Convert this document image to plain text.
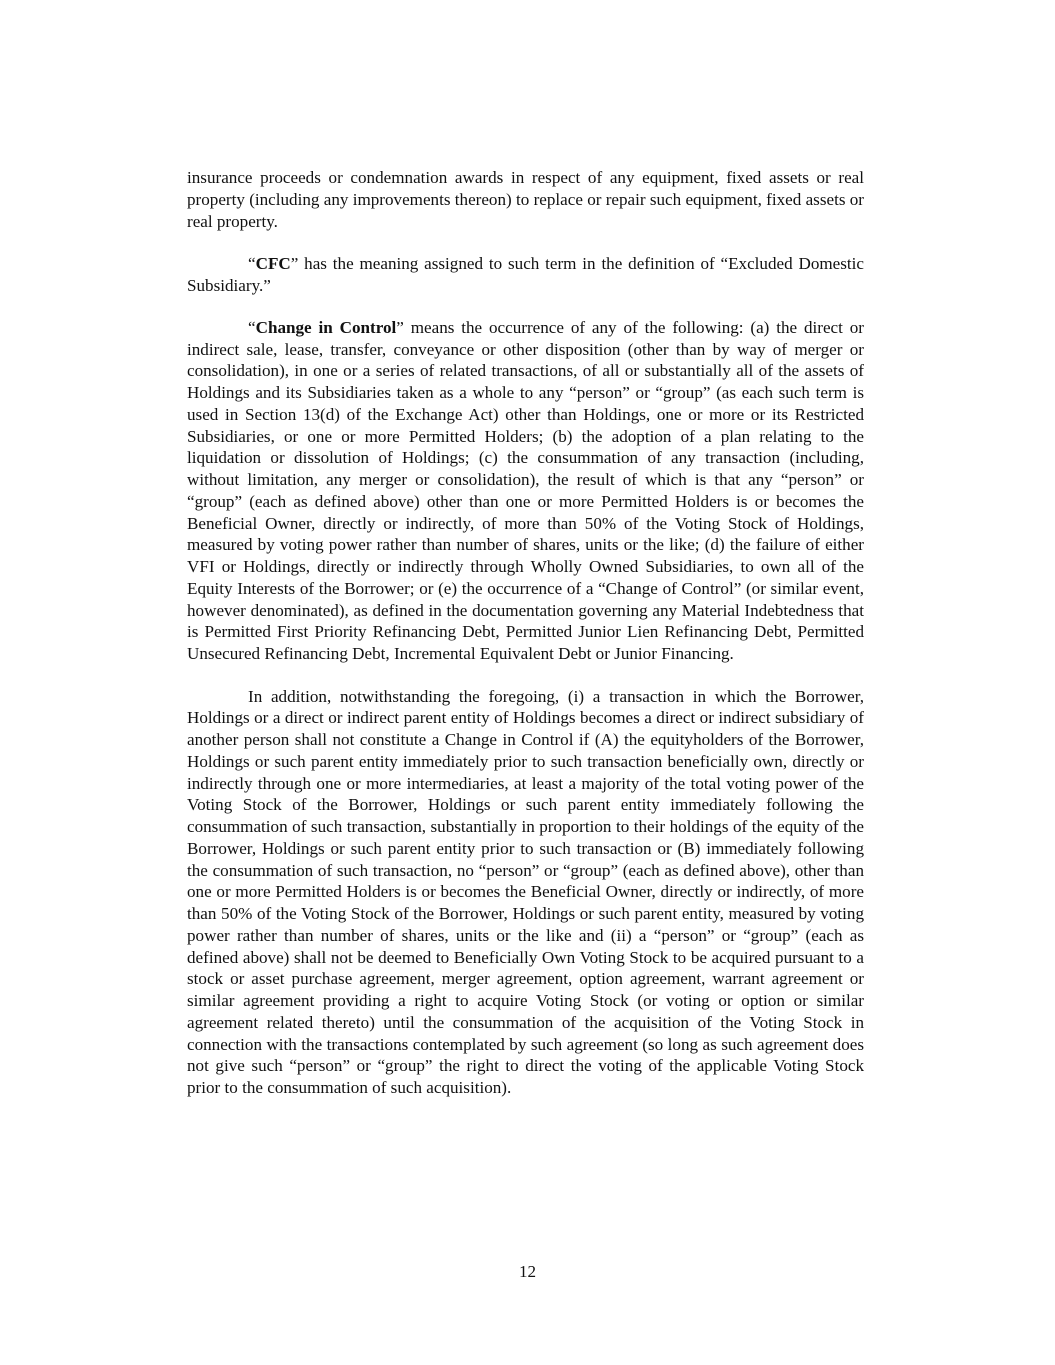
insurance proceeds or condemnation awards in respect of any equipment, fixed assets or real property (including any improvements thereon) to replace or repair such equipment, fixed assets or real property.

“CFC” has the meaning assigned to such term in the definition of “Excluded Domestic Subsidiary.”

“Change in Control” means the occurrence of any of the following: (a) the direct or indirect sale, lease, transfer, conveyance or other disposition (other than by way of merger or consolidation), in one or a series of related transactions, of all or substantially all of the assets of Holdings and its Subsidiaries taken as a whole to any “person” or “group” (as each such term is used in Section 13(d) of the Exchange Act) other than Holdings, one or more or its Restricted Subsidiaries, or one or more Permitted Holders; (b) the adoption of a plan relating to the liquidation or dissolution of Holdings; (c) the consummation of any transaction (including, without limitation, any merger or consolidation), the result of which is that any “person” or “group” (each as defined above) other than one or more Permitted Holders is or becomes the Beneficial Owner, directly or indirectly, of more than 50% of the Voting Stock of Holdings, measured by voting power rather than number of shares, units or the like; (d) the failure of either VFI or Holdings, directly or indirectly through Wholly Owned Subsidiaries, to own all of the Equity Interests of the Borrower; or (e) the occurrence of a “Change of Control” (or similar event, however denominated), as defined in the documentation governing any Material Indebtedness that is Permitted First Priority Refinancing Debt, Permitted Junior Lien Refinancing Debt, Permitted Unsecured Refinancing Debt, Incremental Equivalent Debt or Junior Financing.

In addition, notwithstanding the foregoing, (i) a transaction in which the Borrower, Holdings or a direct or indirect parent entity of Holdings becomes a direct or indirect subsidiary of another person shall not constitute a Change in Control if (A) the equityholders of the Borrower, Holdings or such parent entity immediately prior to such transaction beneficially own, directly or indirectly through one or more intermediaries, at least a majority of the total voting power of the Voting Stock of the Borrower, Holdings or such parent entity immediately following the consummation of such transaction, substantially in proportion to their holdings of the equity of the Borrower, Holdings or such parent entity prior to such transaction or (B) immediately following the consummation of such transaction, no “person” or “group” (each as defined above), other than one or more Permitted Holders is or becomes the Beneficial Owner, directly or indirectly, of more than 50% of the Voting Stock of the Borrower, Holdings or such parent entity, measured by voting power rather than number of shares, units or the like and (ii) a “person” or “group” (each as defined above) shall not be deemed to Beneficially Own Voting Stock to be acquired pursuant to a stock or asset purchase agreement, merger agreement, option agreement, warrant agreement or similar agreement providing a right to acquire Voting Stock (or voting or option or similar agreement related thereto) until the consummation of the acquisition of the Voting Stock in connection with the transactions contemplated by such agreement (so long as such agreement does not give such “person” or “group” the right to direct the voting of the applicable Voting Stock prior to the consummation of such acquisition).

12
